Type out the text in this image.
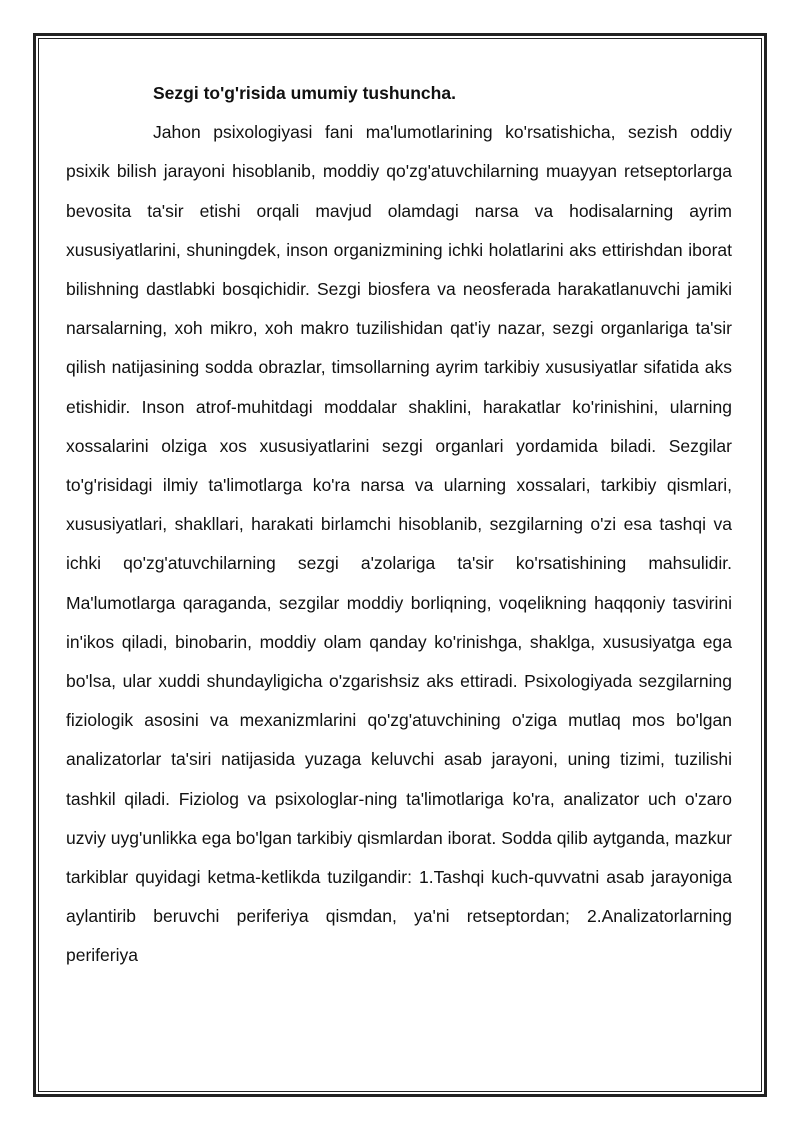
Sezgi to'g'risida umumiy tushuncha.

Jahon psixologiyasi fani ma'lumotlarining ko'rsatishicha, sezish oddiy psixik bilish jarayoni hisoblanib, moddiy qo'zg'atuvchilarning muayyan retseptorlarga bevosita ta'sir etishi orqali mavjud olamdagi narsa va hodisalarning ayrim xususiyatlarini, shuningdek, inson organizmining ichki holatlarini aks ettirishdan iborat bilishning dastlabki bosqichidir. Sezgi biosfera va neosferada harakatlanuvchi jamiki narsalarning, xoh mikro, xoh makro tuzilishidan qat'iy nazar, sezgi organlariga ta'sir qilish natijasining sodda obrazlar, timsollarning ayrim tarkibiy xususiyatlar sifatida aks etishidir. Inson atrof-muhitdagi moddalar shaklini, harakatlar ko'rinishini, ularning xossalarini olziga xos xususiyatlarini sezgi organlari yordamida biladi. Sezgilar to'g'risidagi ilmiy ta'limotlarga ko'ra narsa va ularning xossalari, tarkibiy qismlari, xususiyatlari, shakllari, harakati birlamchi hisoblanib, sezgilarning o'zi esa tashqi va ichki qo'zg'atuvchilarning sezgi a'zolariga ta'sir ko'rsatishining mahsulidir. Ma'lumotlarga qaraganda, sezgilar moddiy borliqning, voqelikning haqqoniy tasvirini in'ikos qiladi, binobarin, moddiy olam qanday ko'rinishga, shaklga, xususiyatga ega bo'lsa, ular xuddi shundayligicha o'zgarishsiz aks ettiradi. Psixologiyada sezgilarning fiziologik asosini va mexanizmlarini qo'zg'atuvchining o'ziga mutlaq mos bo'lgan analizatorlar ta'siri natijasida yuzaga keluvchi asab jarayoni, uning tizimi, tuzilishi tashkil qiladi. Fiziolog va psixologlar-ning ta'limotlariga ko'ra, analizator uch o'zaro uzviy uyg'unlikka ega bo'lgan tarkibiy qismlardan iborat. Sodda qilib aytganda, mazkur tarkiblar quyidagi ketma-ketlikda tuzilgandir: 1.Tashqi kuch-quvvatni asab jarayoniga aylantirib beruvchi periferiya qismdan, ya'ni retseptordan; 2.Analizatorlarning periferiya
